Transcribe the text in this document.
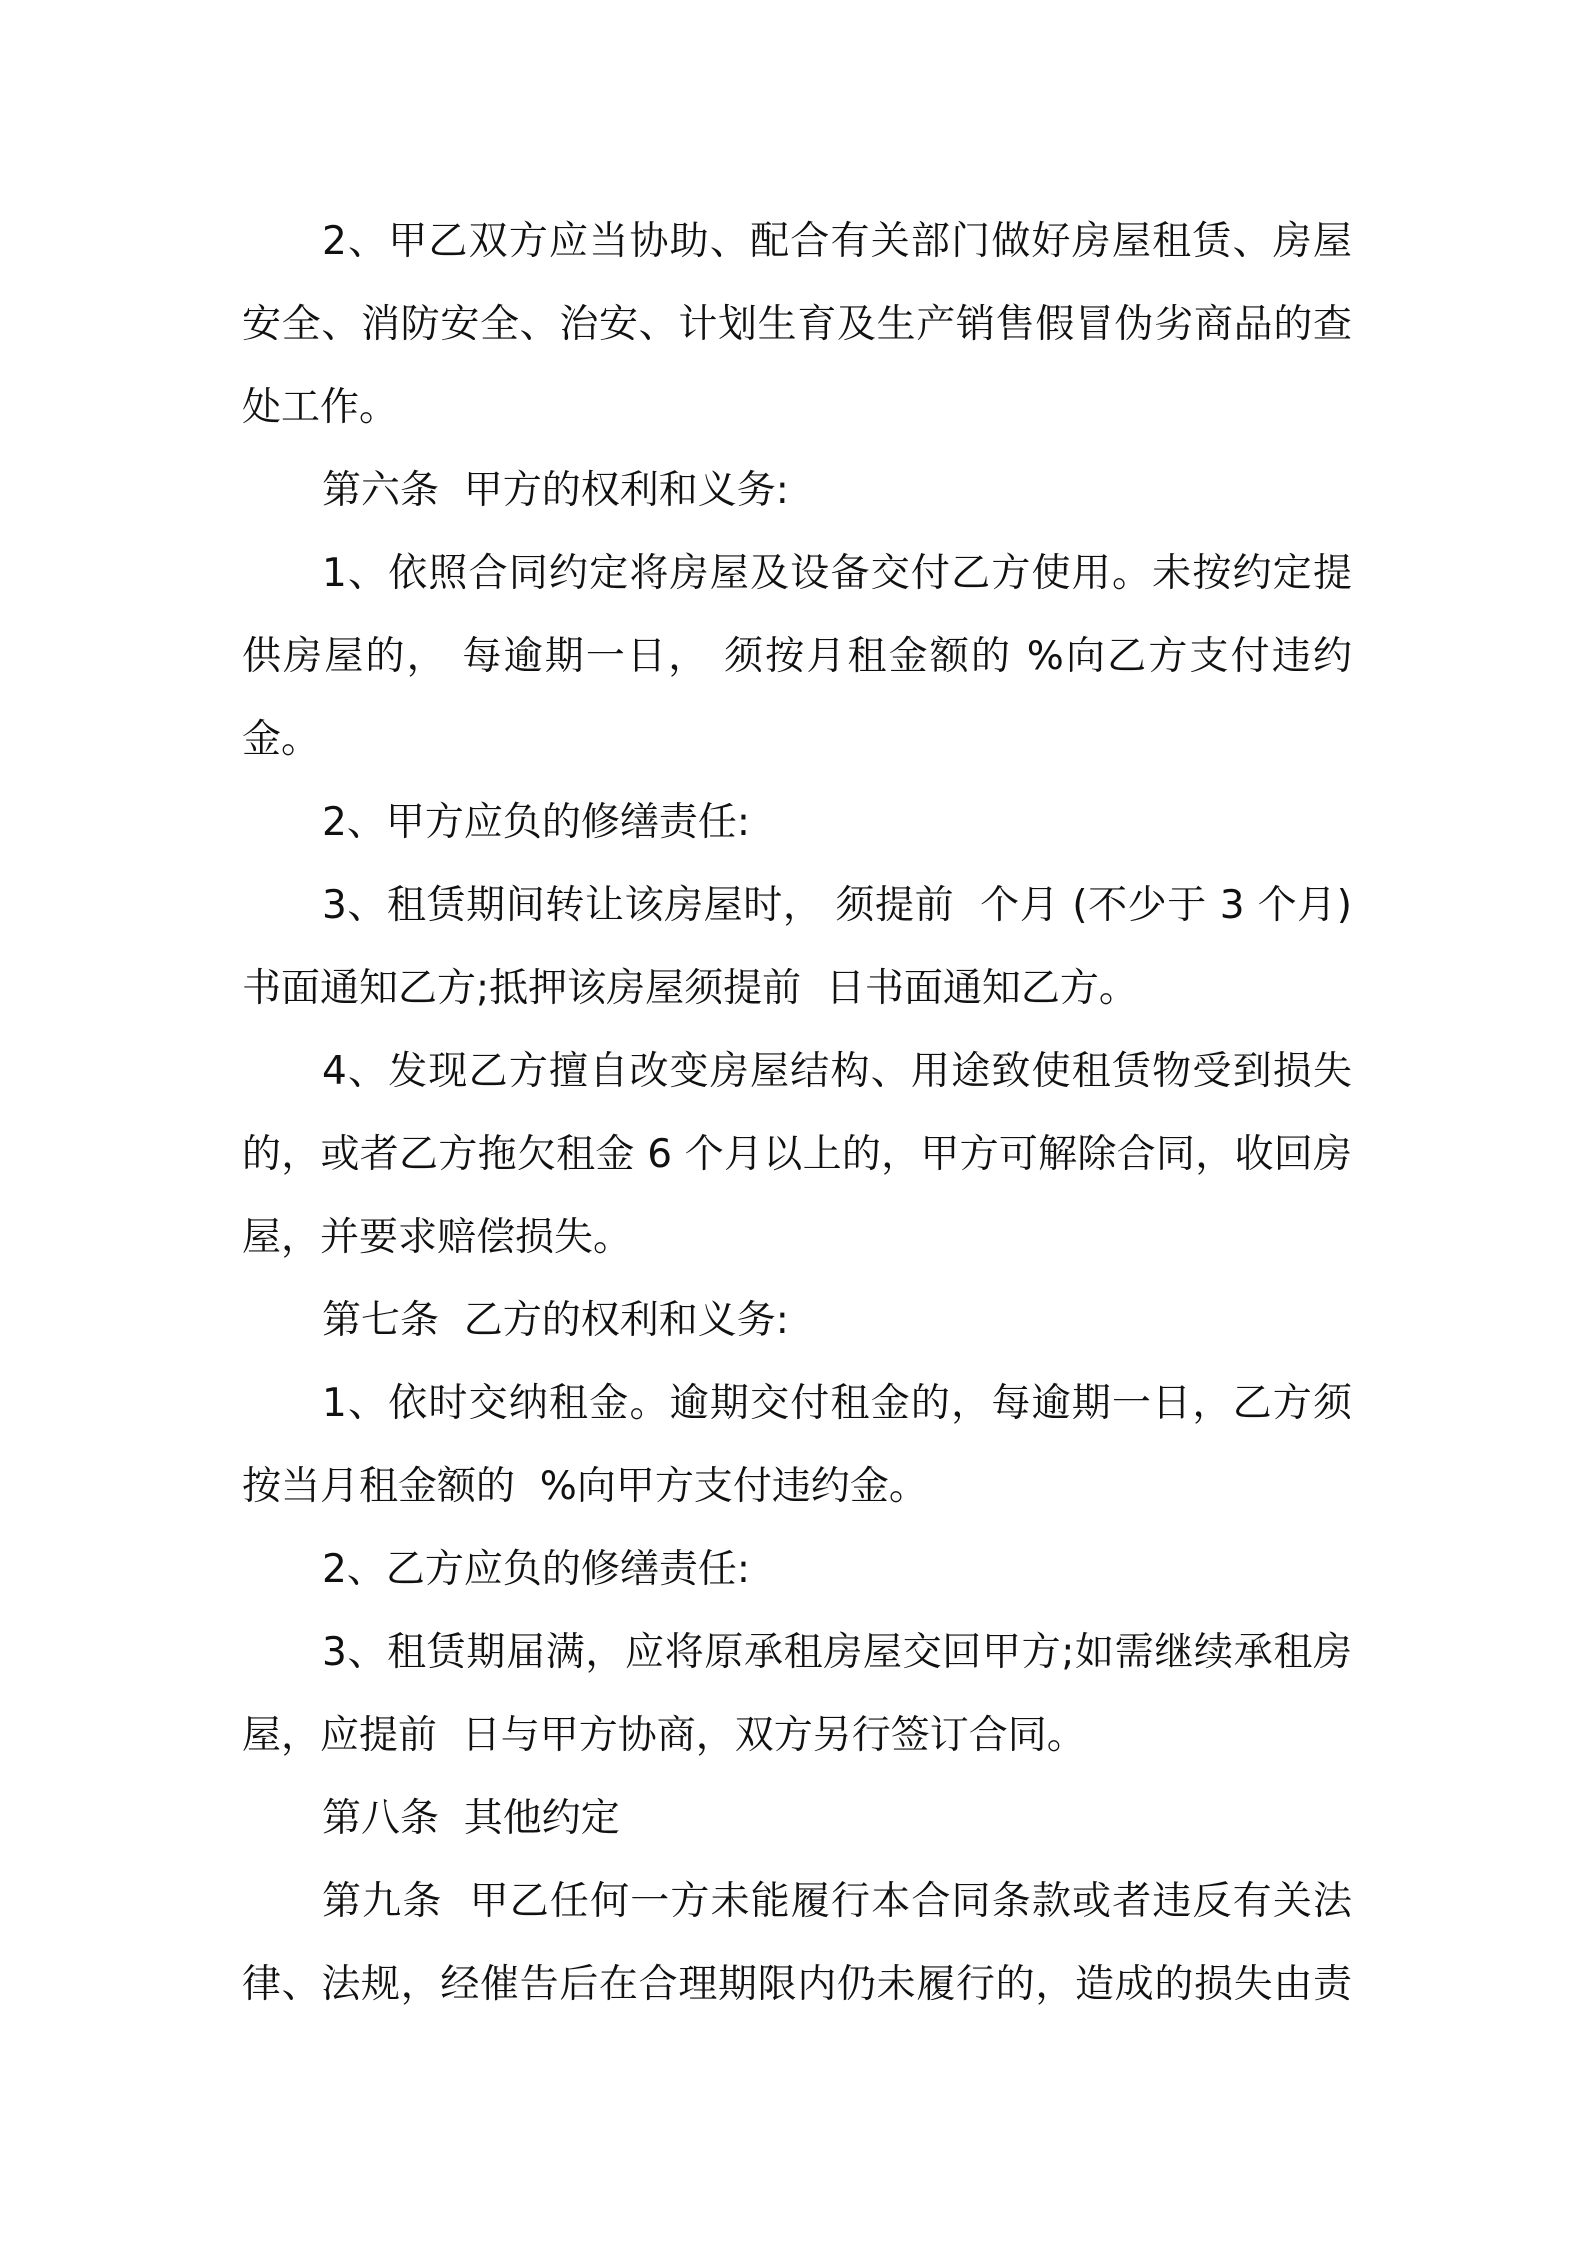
2、甲乙双方应当协助、配合有关部门做好房屋租赁、房屋
安全、消防安全、治安、计划生育及生产销售假冒伪劣商品的查
处工作。

第六条  甲方的权利和义务:

1、依照合同约定将房屋及设备交付乙方使用。未按约定提
供房屋的， 每逾期一日， 须按月租金额的 %向乙方支付违约
金。

2、甲方应负的修缮责任:

3、租赁期间转让该房屋时， 须提前  个月 (不少于 3 个月)
书面通知乙方;抵押该房屋须提前  日书面通知乙方。

4、发现乙方擅自改变房屋结构、用途致使租赁物受到损失
的，或者乙方拖欠租金 6 个月以上的，甲方可解除合同，收回房
屋，并要求赔偿损失。

第七条  乙方的权利和义务:

1、依时交纳租金。逾期交付租金的，每逾期一日，乙方须
按当月租金额的  %向甲方支付违约金。

2、乙方应负的修缮责任:

3、租赁期届满，应将原承租房屋交回甲方;如需继续承租房
屋，应提前  日与甲方协商，双方另行签订合同。

第八条  其他约定

第九条  甲乙任何一方未能履行本合同条款或者违反有关法
律、法规，经催告后在合理期限内仍未履行的，造成的损失由责
